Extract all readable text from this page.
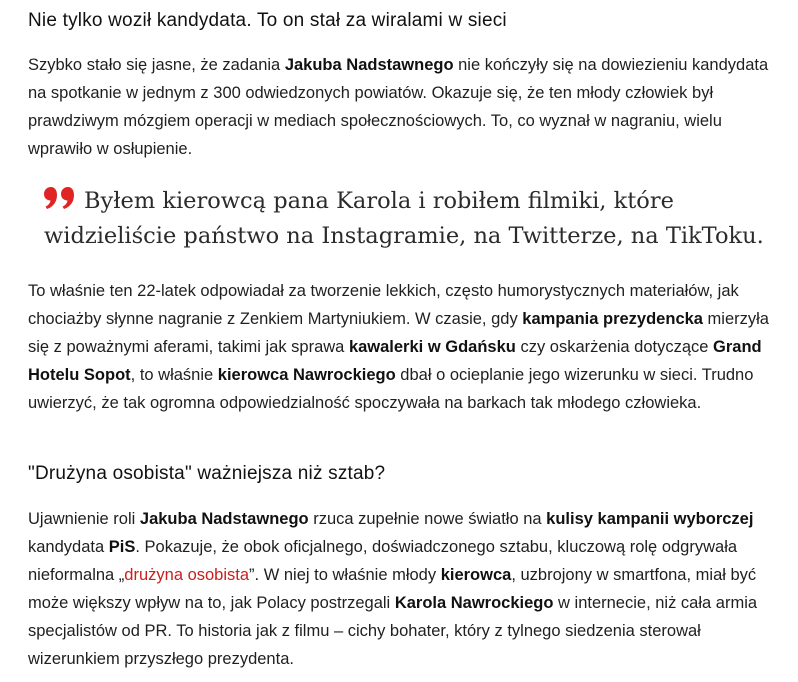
Nie tylko woził kandydata. To on stał za wiralami w sieci

Szybko stało się jasne, że zadania Jakuba Nadstawnego nie kończyły się na dowiezieniu kandydata na spotkanie w jednym z 300 odwiedzonych powiatów. Okazuje się, że ten młody człowiek był prawdziwym mózgiem operacji w mediach społecznościowych. To, co wyznał w nagraniu, wielu wprawiło w osłupienie.

Byłem kierowcą pana Karola i robiłem filmiki, które widzieliście państwo na Instagramie, na Twitterze, na TikToku.

To właśnie ten 22-latek odpowiadał za tworzenie lekkich, często humorystycznych materiałów, jak chociażby słynne nagranie z Zenkiem Martyniukiem. W czasie, gdy kampania prezydencka mierzyła się z poważnymi aferami, takimi jak sprawa kawalerki w Gdańsku czy oskarżenia dotyczące Grand Hotelu Sopot, to właśnie kierowca Nawrockiego dbał o ocieplanie jego wizerunku w sieci. Trudno uwierzyć, że tak ogromna odpowiedzialność spoczywała na barkach tak młodego człowieka.

"Drużyna osobista" ważniejsza niż sztab?

Ujawnienie roli Jakuba Nadstawnego rzuca zupełnie nowe światło na kulisy kampanii wyborczej kandydata PiS. Pokazuje, że obok oficjalnego, doświadczonego sztabu, kluczową rolę odgrywała nieformalna „drużyna osobista”. W niej to właśnie młody kierowca, uzbrojony w smartfona, miał być może większy wpływ na to, jak Polacy postrzegali Karola Nawrockiego w internecie, niż cała armia specjalistów od PR. To historia jak z filmu – cichy bohater, który z tylnego siedzenia sterował wizerunkiem przyszłego prezydenta.
